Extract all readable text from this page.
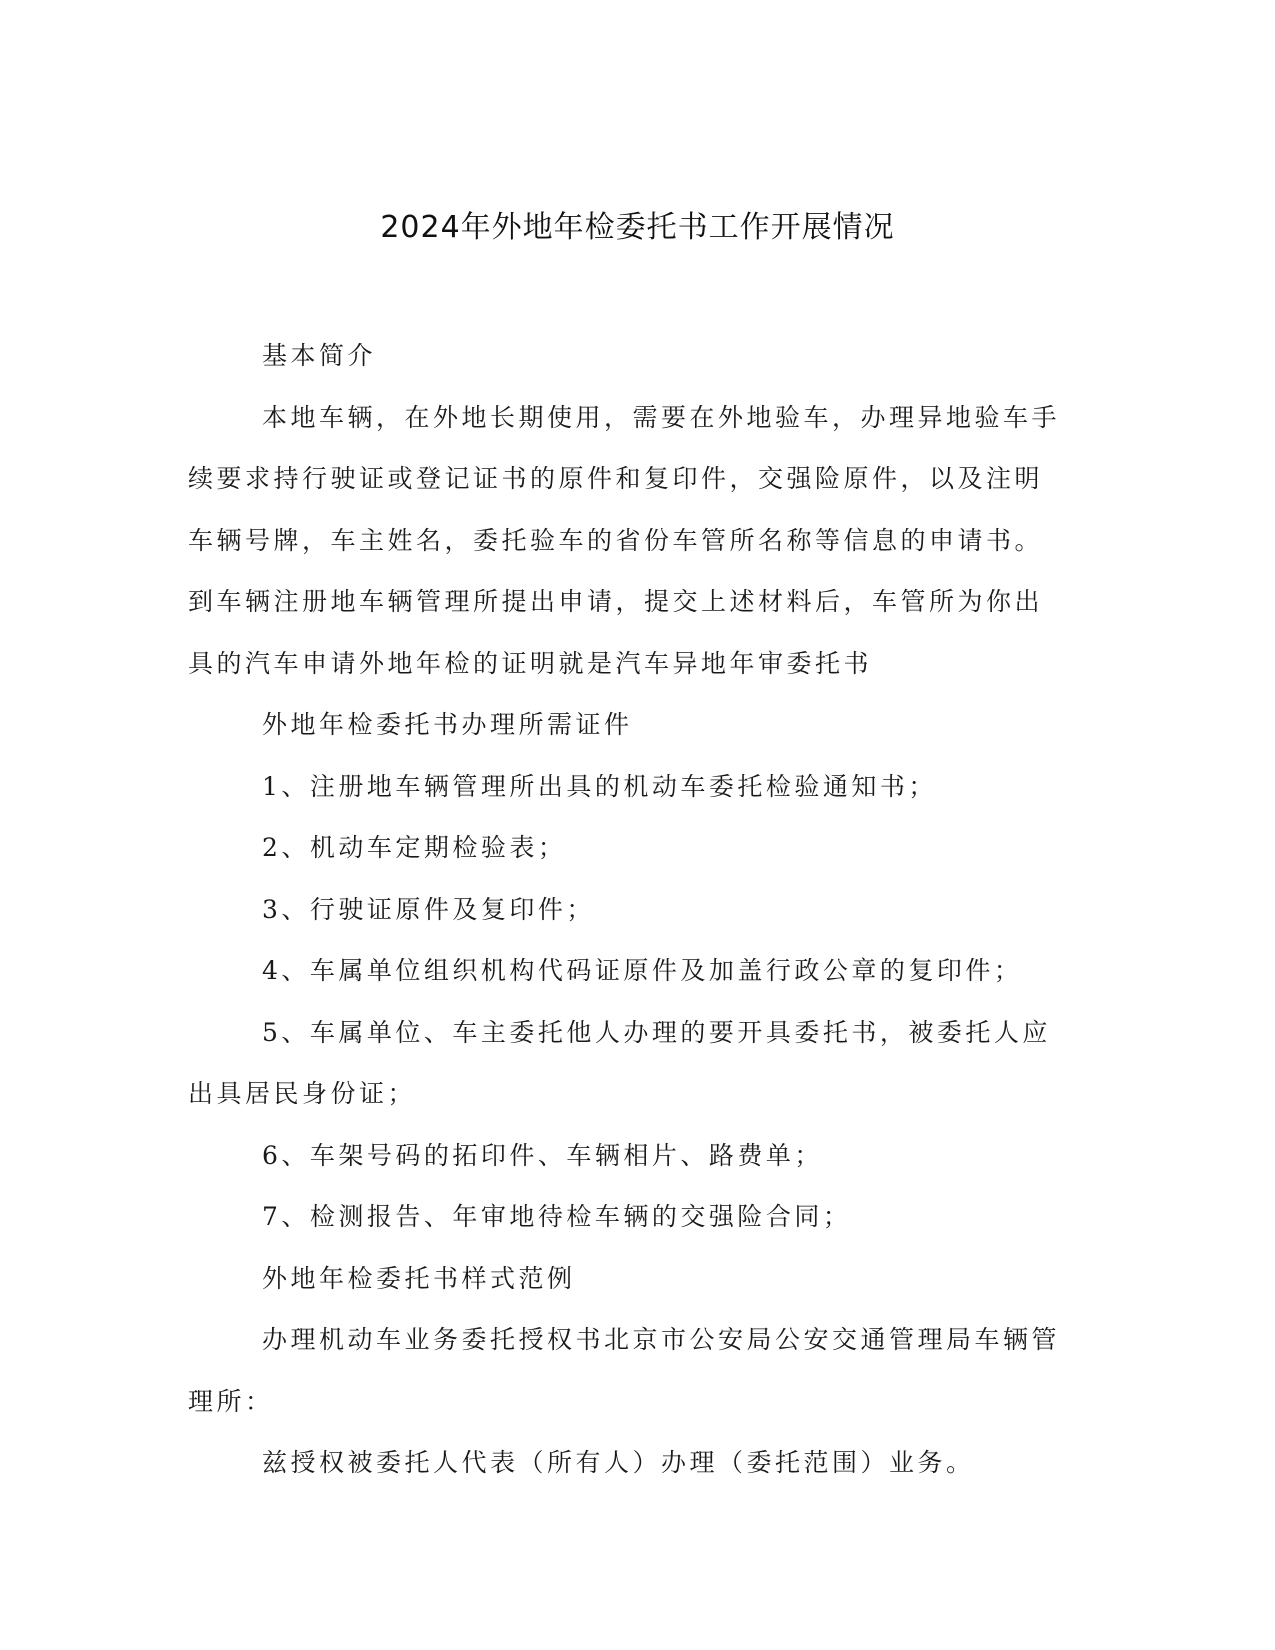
2024年外地年检委托书工作开展情况

基本简介

本地车辆，在外地长期使用，需要在外地验车，办理异地验车手续要求持行驶证或登记证书的原件和复印件，交强险原件，以及注明车辆号牌，车主姓名，委托验车的省份车管所名称等信息的申请书。到车辆注册地车辆管理所提出申请，提交上述材料后，车管所为你出具的汽车申请外地年检的证明就是汽车异地年审委托书

外地年检委托书办理所需证件

1、注册地车辆管理所出具的机动车委托检验通知书；

2、机动车定期检验表；

3、行驶证原件及复印件；

4、车属单位组织机构代码证原件及加盖行政公章的复印件；

5、车属单位、车主委托他人办理的要开具委托书，被委托人应出具居民身份证；

6、车架号码的拓印件、车辆相片、路费单；

7、检测报告、年审地待检车辆的交强险合同；

外地年检委托书样式范例

办理机动车业务委托授权书北京市公安局公安交通管理局车辆管理所：

兹授权被委托人代表（所有人）办理（委托范围）业务。
